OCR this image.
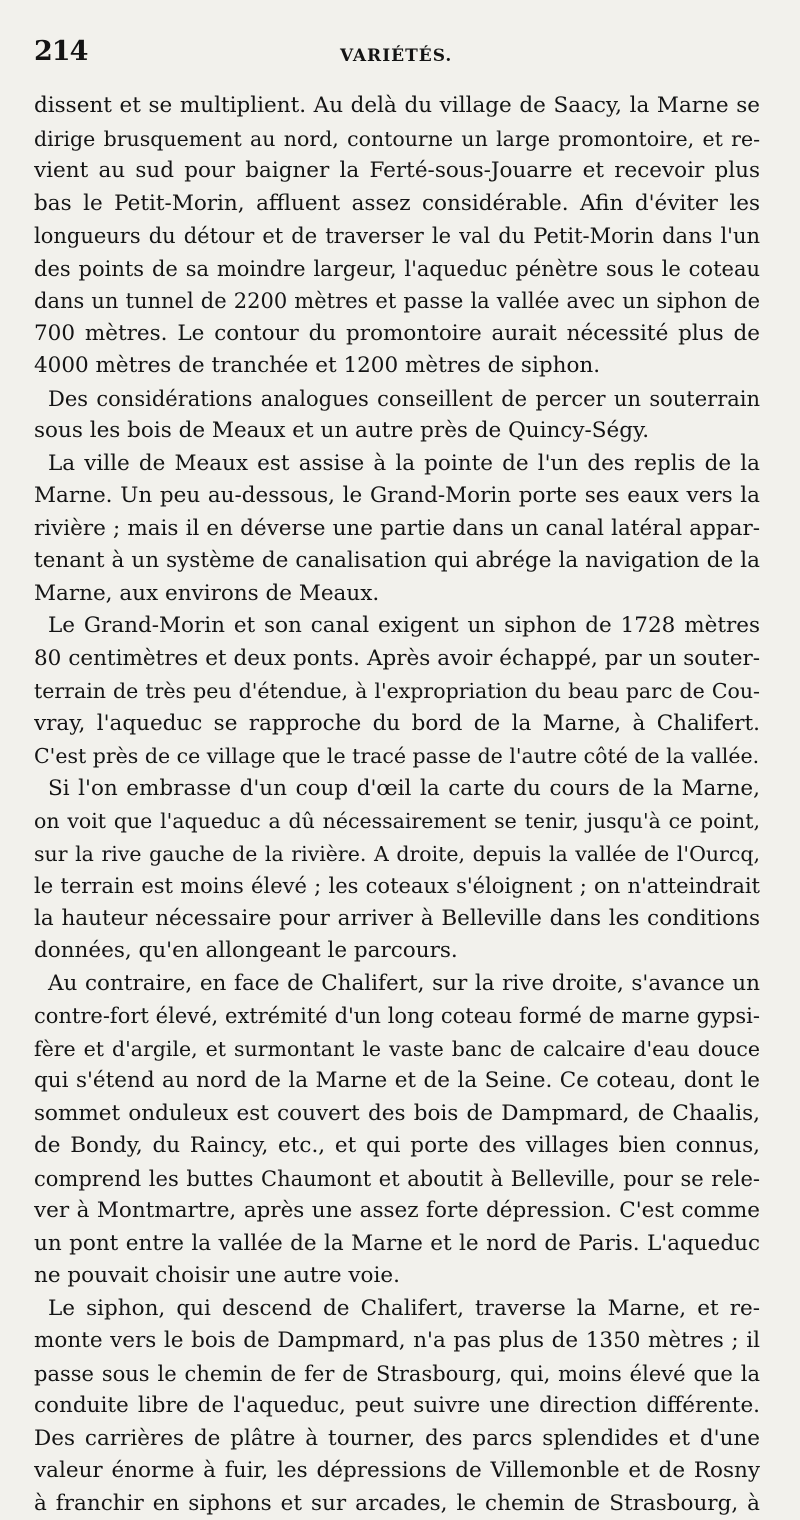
214	VARIÉTÉS.
dissent et se multiplient. Au delà du village de Saacy, la Marne se
dirige brusquement au nord, contourne un large promontoire, et re-
vient au sud pour baigner la Ferté-sous-Jouarre et recevoir plus
bas le Petit-Morin, affluent assez considérable. Afin d'éviter les
longueurs du détour et de traverser le val du Petit-Morin dans l'un
des points de sa moindre largeur, l'aqueduc pénètre sous le coteau
dans un tunnel de 2200 mètres et passe la vallée avec un siphon de
700 mètres. Le contour du promontoire aurait nécessité plus de
4000 mètres de tranchée et 1200 mètres de siphon.
Des considérations analogues conseillent de percer un souterrain
sous les bois de Meaux et un autre près de Quincy-Ségy.
La ville de Meaux est assise à la pointe de l'un des replis de la
Marne. Un peu au-dessous, le Grand-Morin porte ses eaux vers la
rivière ; mais il en déverse une partie dans un canal latéral appar-
tenant à un système de canalisation qui abrége la navigation de la
Marne, aux environs de Meaux.
Le Grand-Morin et son canal exigent un siphon de 1728 mètres
80 centimètres et deux ponts. Après avoir échappé, par un souter-
terrain de très peu d'étendue, à l'expropriation du beau parc de Cou-
vray, l'aqueduc se rapproche du bord de la Marne, à Chalifert.
C'est près de ce village que le tracé passe de l'autre côté de la vallée.
Si l'on embrasse d'un coup d'œil la carte du cours de la Marne,
on voit que l'aqueduc a dû nécessairement se tenir, jusqu'à ce point,
sur la rive gauche de la rivière. A droite, depuis la vallée de l'Ourcq,
le terrain est moins élevé ; les coteaux s'éloignent ; on n'atteindrait
la hauteur nécessaire pour arriver à Belleville dans les conditions
données, qu'en allongeant le parcours.
Au contraire, en face de Chalifert, sur la rive droite, s'avance un
contre-fort élevé, extrémité d'un long coteau formé de marne gypsi-
fère et d'argile, et surmontant le vaste banc de calcaire d'eau douce
qui s'étend au nord de la Marne et de la Seine. Ce coteau, dont le
sommet onduleux est couvert des bois de Dampmard, de Chaalis,
de Bondy, du Raincy, etc., et qui porte des villages bien connus,
comprend les buttes Chaumont et aboutit à Belleville, pour se rele-
ver à Montmartre, après une assez forte dépression. C'est comme
un pont entre la vallée de la Marne et le nord de Paris. L'aqueduc
ne pouvait choisir une autre voie.
Le siphon, qui descend de Chalifert, traverse la Marne, et re-
monte vers le bois de Dampmard, n'a pas plus de 1350 mètres ; il
passe sous le chemin de fer de Strasbourg, qui, moins élevé que la
conduite libre de l'aqueduc, peut suivre une direction différente.
Des carrières de plâtre à tourner, des parcs splendides et d'une
valeur énorme à fuir, les dépressions de Villemonble et de Rosny
à franchir en siphons et sur arcades, le chemin de Strasbourg, à
